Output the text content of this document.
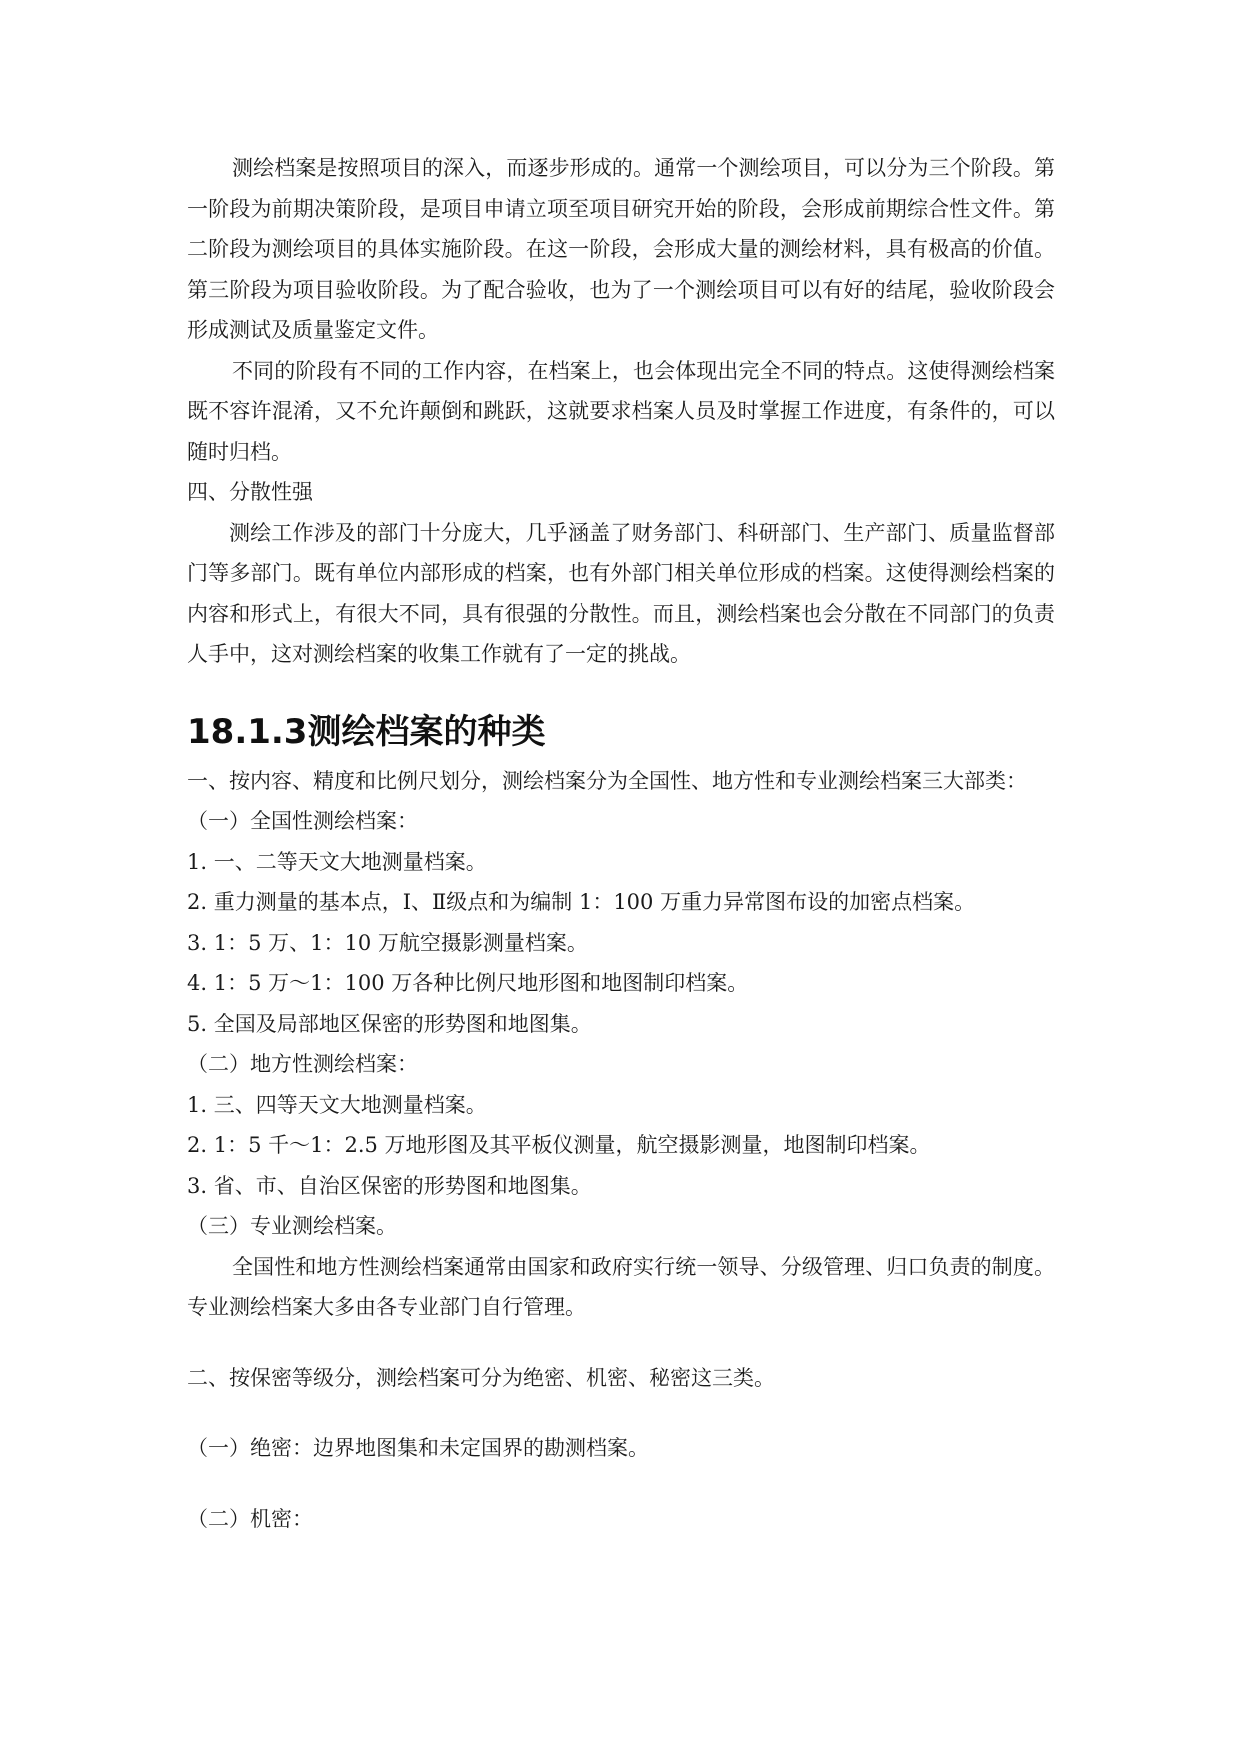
测绘档案是按照项目的深入，而逐步形成的。通常一个测绘项目，可以分为三个阶段。第一阶段为前期决策阶段，是项目申请立项至项目研究开始的阶段，会形成前期综合性文件。第二阶段为测绘项目的具体实施阶段。在这一阶段，会形成大量的测绘材料，具有极高的价值。第三阶段为项目验收阶段。为了配合验收，也为了一个测绘项目可以有好的结尾，验收阶段会形成测试及质量鉴定文件。

不同的阶段有不同的工作内容，在档案上，也会体现出完全不同的特点。这使得测绘档案既不容许混淆，又不允许颠倒和跳跃，这就要求档案人员及时掌握工作进度，有条件的，可以随时归档。

四、分散性强

测绘工作涉及的部门十分庞大，几乎涵盖了财务部门、科研部门、生产部门、质量监督部门等多部门。既有单位内部形成的档案，也有外部门相关单位形成的档案。这使得测绘档案的内容和形式上，有很大不同，具有很强的分散性。而且，测绘档案也会分散在不同部门的负责人手中，这对测绘档案的收集工作就有了一定的挑战。

18.1.3测绘档案的种类

一、按内容、精度和比例尺划分，测绘档案分为全国性、地方性和专业测绘档案三大部类：

（一）全国性测绘档案：

1. 一、二等天文大地测量档案。

2. 重力测量的基本点，Ⅰ、Ⅱ级点和为编制 1：100 万重力异常图布设的加密点档案。

3. 1：5 万、1：10 万航空摄影测量档案。

4. 1：5 万～1：100 万各种比例尺地形图和地图制印档案。

5. 全国及局部地区保密的形势图和地图集。

（二）地方性测绘档案：

1. 三、四等天文大地测量档案。

2. 1：5 千～1：2.5 万地形图及其平板仪测量，航空摄影测量，地图制印档案。

3. 省、市、自治区保密的形势图和地图集。

（三）专业测绘档案。

全国性和地方性测绘档案通常由国家和政府实行统一领导、分级管理、归口负责的制度。专业测绘档案大多由各专业部门自行管理。

二、按保密等级分，测绘档案可分为绝密、机密、秘密这三类。

（一）绝密：边界地图集和未定国界的勘测档案。

（二）机密：
